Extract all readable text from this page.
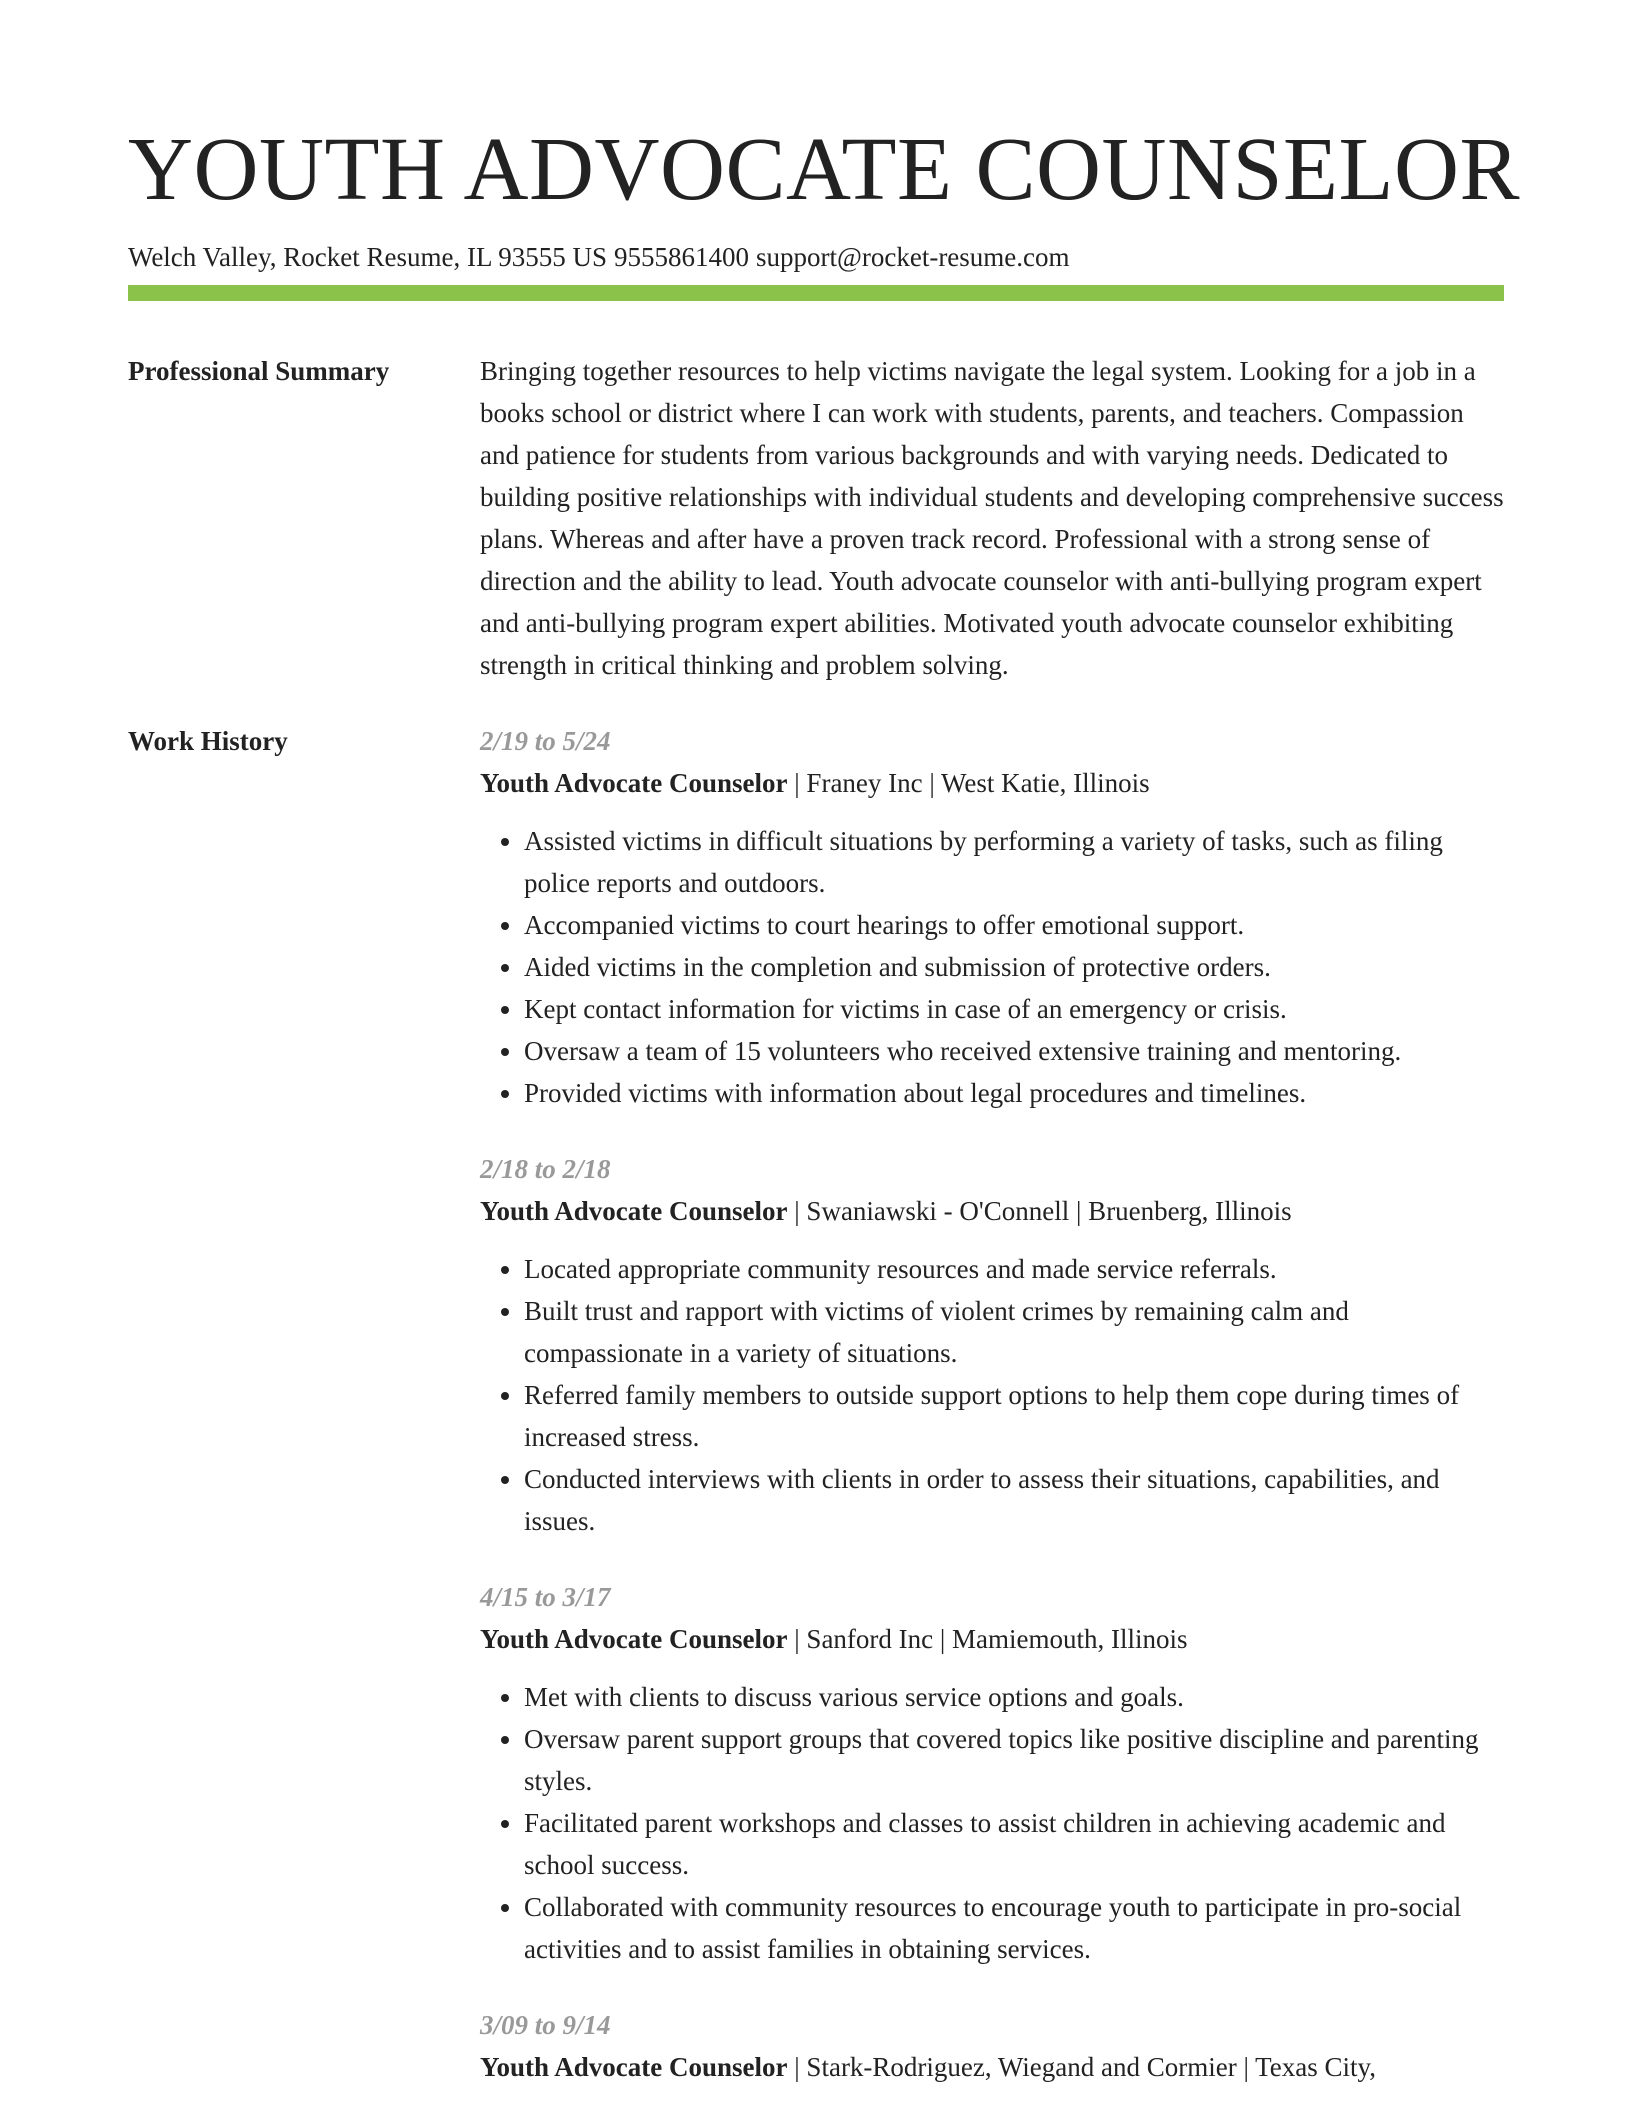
YOUTH ADVOCATE COUNSELOR
Welch Valley, Rocket Resume, IL 93555 US 9555861400 support@rocket-resume.com
Professional Summary	Bringing together resources to help victims navigate the legal system. Looking for a job in a books school or district where I can work with students, parents, and teachers. Compassion and patience for students from various backgrounds and with varying needs. Dedicated to building positive relationships with individual students and developing comprehensive success plans. Whereas and after have a proven track record. Professional with a strong sense of direction and the ability to lead. Youth advocate counselor with anti-bullying program expert and anti-bullying program expert abilities. Motivated youth advocate counselor exhibiting strength in critical thinking and problem solving.

Work History	2/19 to 5/24
Youth Advocate Counselor | Franey Inc | West Katie, Illinois
• Assisted victims in difficult situations by performing a variety of tasks, such as filing police reports and outdoors.
• Accompanied victims to court hearings to offer emotional support.
• Aided victims in the completion and submission of protective orders.
• Kept contact information for victims in case of an emergency or crisis.
• Oversaw a team of 15 volunteers who received extensive training and mentoring.
• Provided victims with information about legal procedures and timelines.
2/18 to 2/18
Youth Advocate Counselor | Swaniawski - O'Connell | Bruenberg, Illinois
• Located appropriate community resources and made service referrals.
• Built trust and rapport with victims of violent crimes by remaining calm and compassionate in a variety of situations.
• Referred family members to outside support options to help them cope during times of increased stress.
• Conducted interviews with clients in order to assess their situations, capabilities, and issues.
4/15 to 3/17
Youth Advocate Counselor | Sanford Inc | Mamiemouth, Illinois
• Met with clients to discuss various service options and goals.
• Oversaw parent support groups that covered topics like positive discipline and parenting styles.
• Facilitated parent workshops and classes to assist children in achieving academic and school success.
• Collaborated with community resources to encourage youth to participate in pro-social activities and to assist families in obtaining services.
3/09 to 9/14
Youth Advocate Counselor | Stark-Rodriguez, Wiegand and Cormier | Texas City,
